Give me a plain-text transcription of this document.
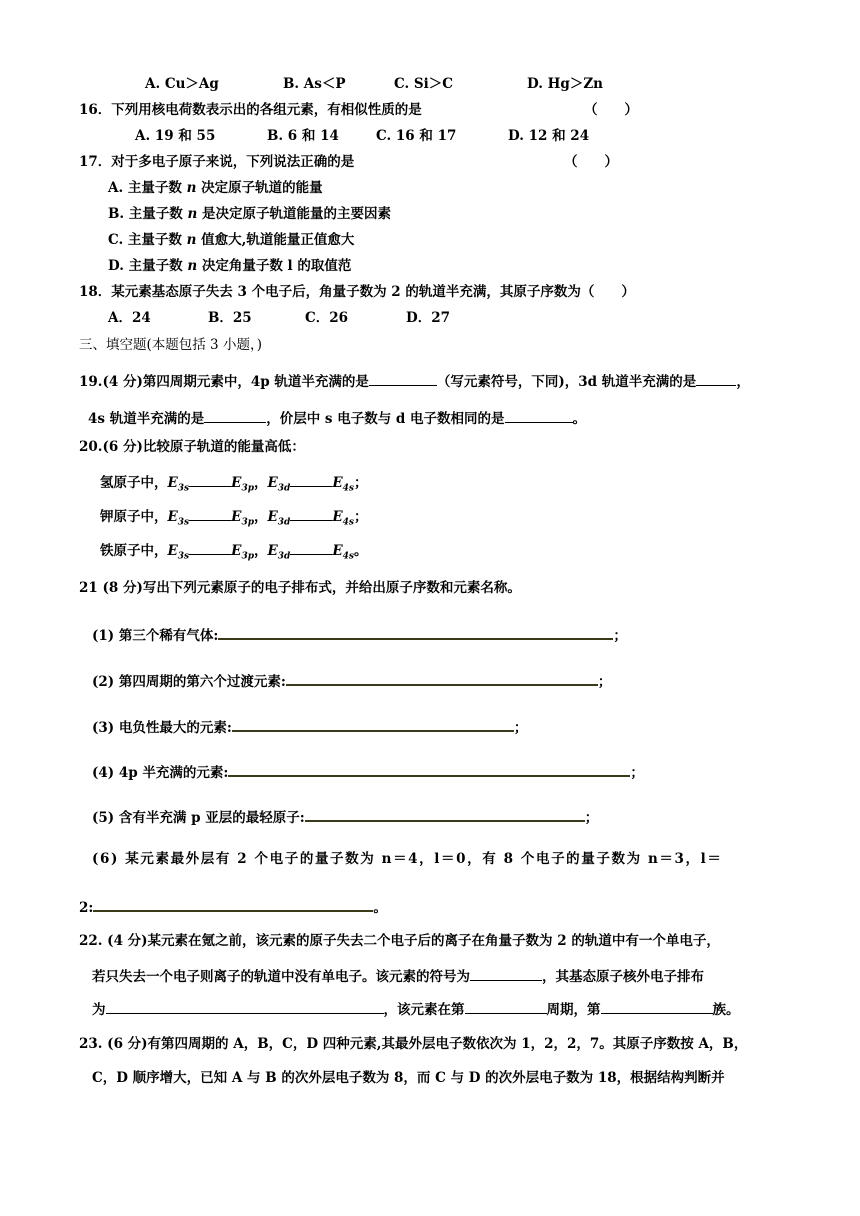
A. Cu＞Ag	B. As＜P	C. Si＞C	D. Hg＞Zn
16．下列用核电荷数表示出的各组元素，有相似性质的是	（　　）
A. 19 和 55	B. 6 和 14	C. 16 和 17	D. 12 和 24
17．对于多电子原子来说，下列说法正确的是	（　　）
A. 主量子数 n 决定原子轨道的能量
B. 主量子数 n 是决定原子轨道能量的主要因素
C. 主量子数 n 值愈大,轨道能量正值愈大
D. 主量子数 n 决定角量子数 l 的取值范
18．某元素基态原子失去 3 个电子后，角量子数为 2 的轨道半充满，其原子序数为（　　）
A．24	B．25	C．26	D．27
三、填空题(本题包括 3 小题，)
19.(4 分)第四周期元素中，4p 轨道半充满的是	（写元素符号，下同)，3d 轨道半充满的是	，
4s 轨道半充满的是	，价层中 s 电子数与 d 电子数相同的是	。
20.(6 分)比较原子轨道的能量高低：
氢原子中，$E_{3s}$	$E_{3p}$，$E_{3d}$	$E_{4s}$；
钾原子中，$E_{3s}$	$E_{3p}$，$E_{3d}$	$E_{4s}$；
铁原子中，$E_{3s}$	$E_{3p}$，$E_{3d}$	$E_{4s}$。
21 (8 分)写出下列元素原子的电子排布式，并给出原子序数和元素名称。
(1) 第三个稀有气体:	；
(2) 第四周期的第六个过渡元素:	；
(3) 电负性最大的元素:	；
(4) 4p 半充满的元素:	；
(5) 含有半充满 p 亚层的最轻原子:	；
(6) 某元素最外层有 2 个电子的量子数为 n＝4，l＝0，有 8 个电子的量子数为 n＝3，l＝
2:	。
22. (4 分)某元素在氪之前，该元素的原子失去二个电子后的离子在角量子数为 2 的轨道中有一个单电子，
若只失去一个电子则离子的轨道中没有单电子。该元素的符号为	，其基态原子核外电子排布
为	，该元素在第	周期，第	族。
23. (6 分)有第四周期的 A，B，C，D 四种元素,其最外层电子数依次为 1，2，2，7。其原子序数按 A，B，
C，D 顺序增大，已知 A 与 B 的次外层电子数为 8，而 C 与 D 的次外层电子数为 18，根据结构判断并
